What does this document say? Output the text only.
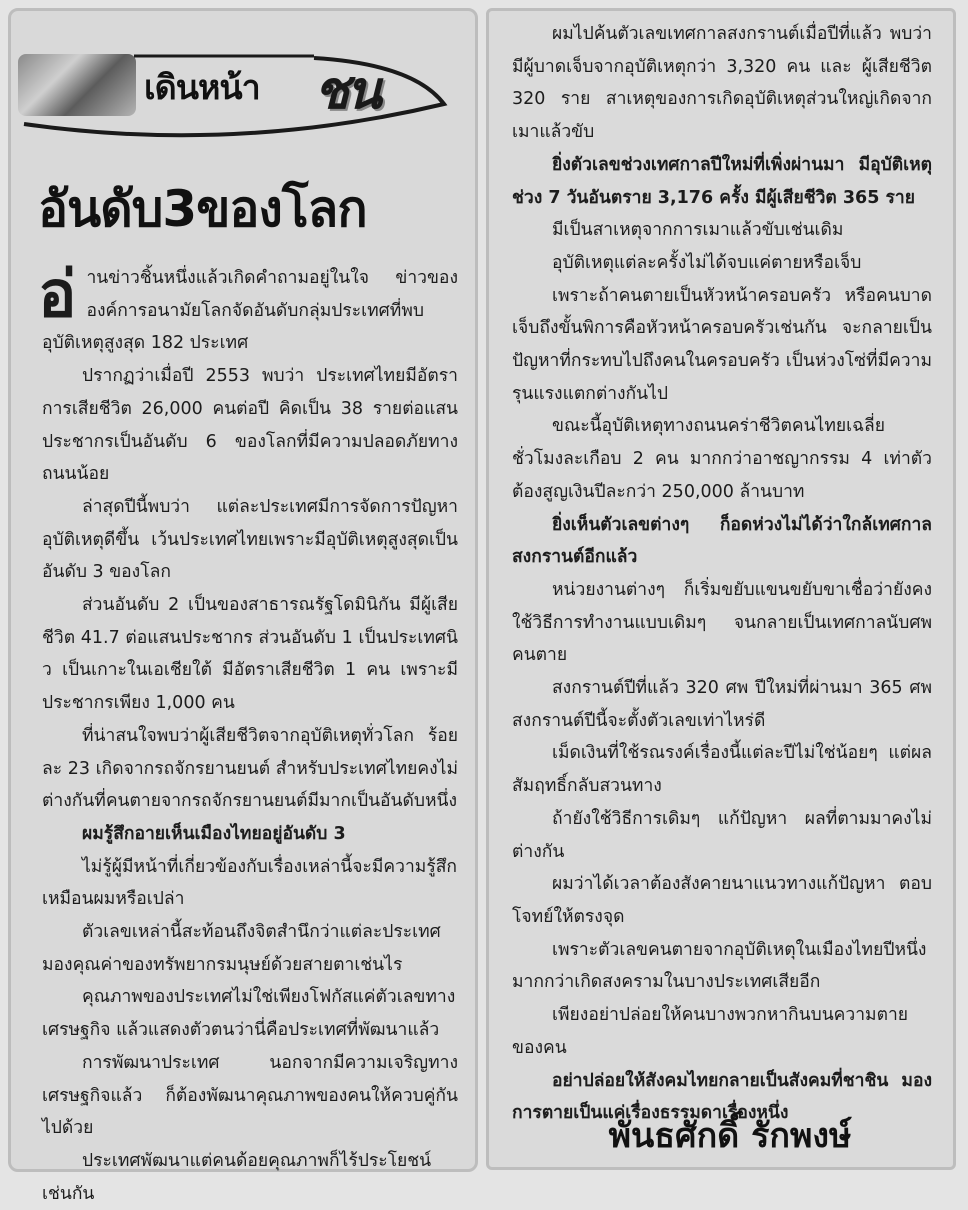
เดินหน้า ชน
อันดับ3ของโลก
อ่ านข่าวชิ้นหนึ่งแล้วเกิดคำถามอยู่ในใจ ข่าวขององค์การอนามัยโลกจัดอันดับกลุ่มประเทศที่พบอุบัติเหตุสูงสุด 182 ประเทศ

ปรากฏว่าเมื่อปี 2553 พบว่า ประเทศไทยมีอัตราการเสียชีวิต 26,000 คนต่อปี คิดเป็น 38 รายต่อแสนประชากรเป็นอันดับ 6 ของโลกที่มีความปลอดภัยทางถนนน้อย

ล่าสุดปีนี้พบว่า แต่ละประเทศมีการจัดการปัญหาอุบัติเหตุดีขึ้น เว้นประเทศไทยเพราะมีอุบัติเหตุสูงสุดเป็นอันดับ 3 ของโลก

ส่วนอันดับ 2 เป็นของสาธารณรัฐโดมินิกัน มีผู้เสียชีวิต 41.7 ต่อแสนประชากร ส่วนอันดับ 1 เป็นประเทศนิว เป็นเกาะในเอเชียใต้ มีอัตราเสียชีวิต 1 คน เพราะมีประชากรเพียง 1,000 คน

ที่น่าสนใจพบว่าผู้เสียชีวิตจากอุบัติเหตุทั่วโลก ร้อยละ 23 เกิดจากรถจักรยานยนต์ สำหรับประเทศไทยคงไม่ต่างกันที่คนตายจากรถจักรยานยนต์มีมากเป็นอันดับหนึ่ง

ผมรู้สึกอายเห็นเมืองไทยอยู่อันดับ 3

ไม่รู้ผู้มีหน้าที่เกี่ยวข้องกับเรื่องเหล่านี้จะมีความรู้สึกเหมือนผมหรือเปล่า

ตัวเลขเหล่านี้สะท้อนถึงจิตสำนึกว่าแต่ละประเทศมองคุณค่าของทรัพยากรมนุษย์ด้วยสายตาเช่นไร

คุณภาพของประเทศไม่ใช่เพียงโฟกัสแค่ตัวเลขทางเศรษฐกิจ แล้วแสดงตัวตนว่านี่คือประเทศที่พัฒนาแล้ว

การพัฒนาประเทศ นอกจากมีความเจริญทางเศรษฐกิจแล้ว ก็ต้องพัฒนาคุณภาพของคนให้ควบคู่กันไปด้วย

ประเทศพัฒนาแต่คนด้อยคุณภาพก็ไร้ประโยชน์เช่นกัน

ผมไปค้นตัวเลขเทศกาลสงกรานต์เมื่อปีที่แล้ว พบว่ามีผู้บาดเจ็บจากอุบัติเหตุกว่า 3,320 คน และ ผู้เสียชีวิต 320 ราย สาเหตุของการเกิดอุบัติเหตุส่วนใหญ่เกิดจากเมาแล้วขับ

ยิ่งตัวเลขช่วงเทศกาลปีใหม่ที่เพิ่งผ่านมา มีอุบัติเหตุช่วง 7 วันอันตราย 3,176 ครั้ง มีผู้เสียชีวิต 365 ราย

มีเป็นสาเหตุจากการเมาแล้วขับเช่นเดิม

อุบัติเหตุแต่ละครั้งไม่ได้จบแค่ตายหรือเจ็บ

เพราะถ้าคนตายเป็นหัวหน้าครอบครัว หรือคนบาดเจ็บถึงขั้นพิการคือหัวหน้าครอบครัวเช่นกัน จะกลายเป็นปัญหาที่กระทบไปถึงคนในครอบครัว เป็นห่วงโซ่ที่มีความรุนแรงแตกต่างกันไป

ขณะนี้อุบัติเหตุทางถนนคร่าชีวิตคนไทยเฉลี่ยชั่วโมงละเกือบ 2 คน มากกว่าอาชญากรรม 4 เท่าตัว ต้องสูญเงินปีละกว่า 250,000 ล้านบาท

ยิ่งเห็นตัวเลขต่างๆ ก็อดห่วงไม่ได้ว่าใกล้เทศกาลสงกรานต์อีกแล้ว

หน่วยงานต่างๆ ก็เริ่มขยับแขนขยับขาเชื่อว่ายังคงใช้วิธีการทำงานแบบเดิมๆ จนกลายเป็นเทศกาลนับศพคนตาย

สงกรานต์ปีที่แล้ว 320 ศพ ปีใหม่ที่ผ่านมา 365 ศพ สงกรานต์ปีนี้จะตั้งตัวเลขเท่าไหร่ดี

เม็ดเงินที่ใช้รณรงค์เรื่องนี้แต่ละปีไม่ใช่น้อยๆ แต่ผลสัมฤทธิ์กลับสวนทาง

ถ้ายังใช้วิธีการเดิมๆ แก้ปัญหา ผลที่ตามมาคงไม่ต่างกัน

ผมว่าได้เวลาต้องสังคายนาแนวทางแก้ปัญหา ตอบโจทย์ให้ตรงจุด

เพราะตัวเลขคนตายจากอุบัติเหตุในเมืองไทยปีหนึ่งมากกว่าเกิดสงครามในบางประเทศเสียอีก

เพียงอย่าปล่อยให้คนบางพวกหากินบนความตายของคน

อย่าปล่อยให้สังคมไทยกลายเป็นสังคมที่ชาชิน มองการตายเป็นแค่เรื่องธรรมดาเรื่องหนึ่ง

พันธศักดิ์ รักพงษ์
